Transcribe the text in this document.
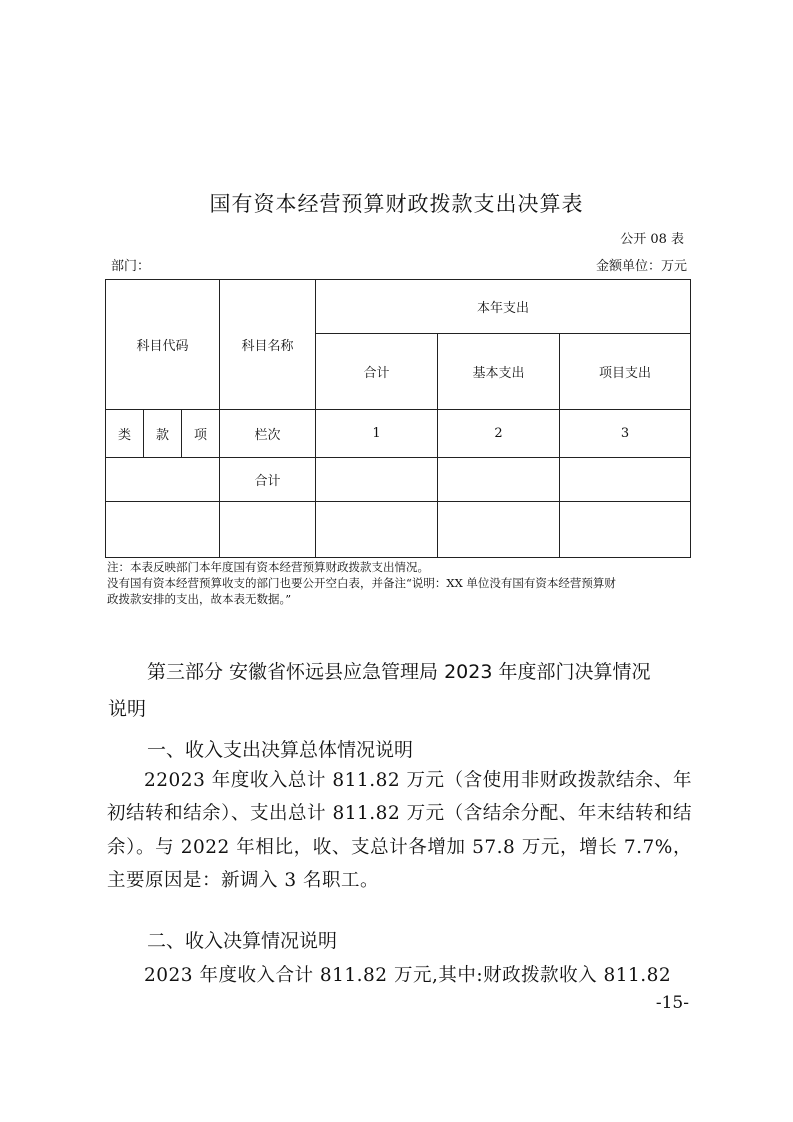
国有资本经营预算财政拨款支出决算表
公开 08 表
部门：	金额单位：万元
科目代码			科目名称	本年支出		
				合计	基本支出	项目支出
类	款	项	栏次	1	2	3
			合计			

注：本表反映部门本年度国有资本经营预算财政拨款支出情况。
没有国有资本经营预算收支的部门也要公开空白表，并备注“说明：XX 单位没有国有资本经营预算财
政拨款安排的支出，故本表无数据。”
第三部分 安徽省怀远县应急管理局 2023 年度部门决算情况
说明
一、收入支出决算总体情况说明
22023 年度收入总计 811.82 万元（含使用非财政拨款结余、年初结转和结余）、支出总计 811.82 万元（含结余分配、年末结转和结余）。与 2022 年相比，收、支总计各增加 57.8 万元，增长 7.7%，主要原因是：新调入 3 名职工。
二、收入决算情况说明
2023 年度收入合计 811.82 万元,其中:财政拨款收入 811.82
-15-
